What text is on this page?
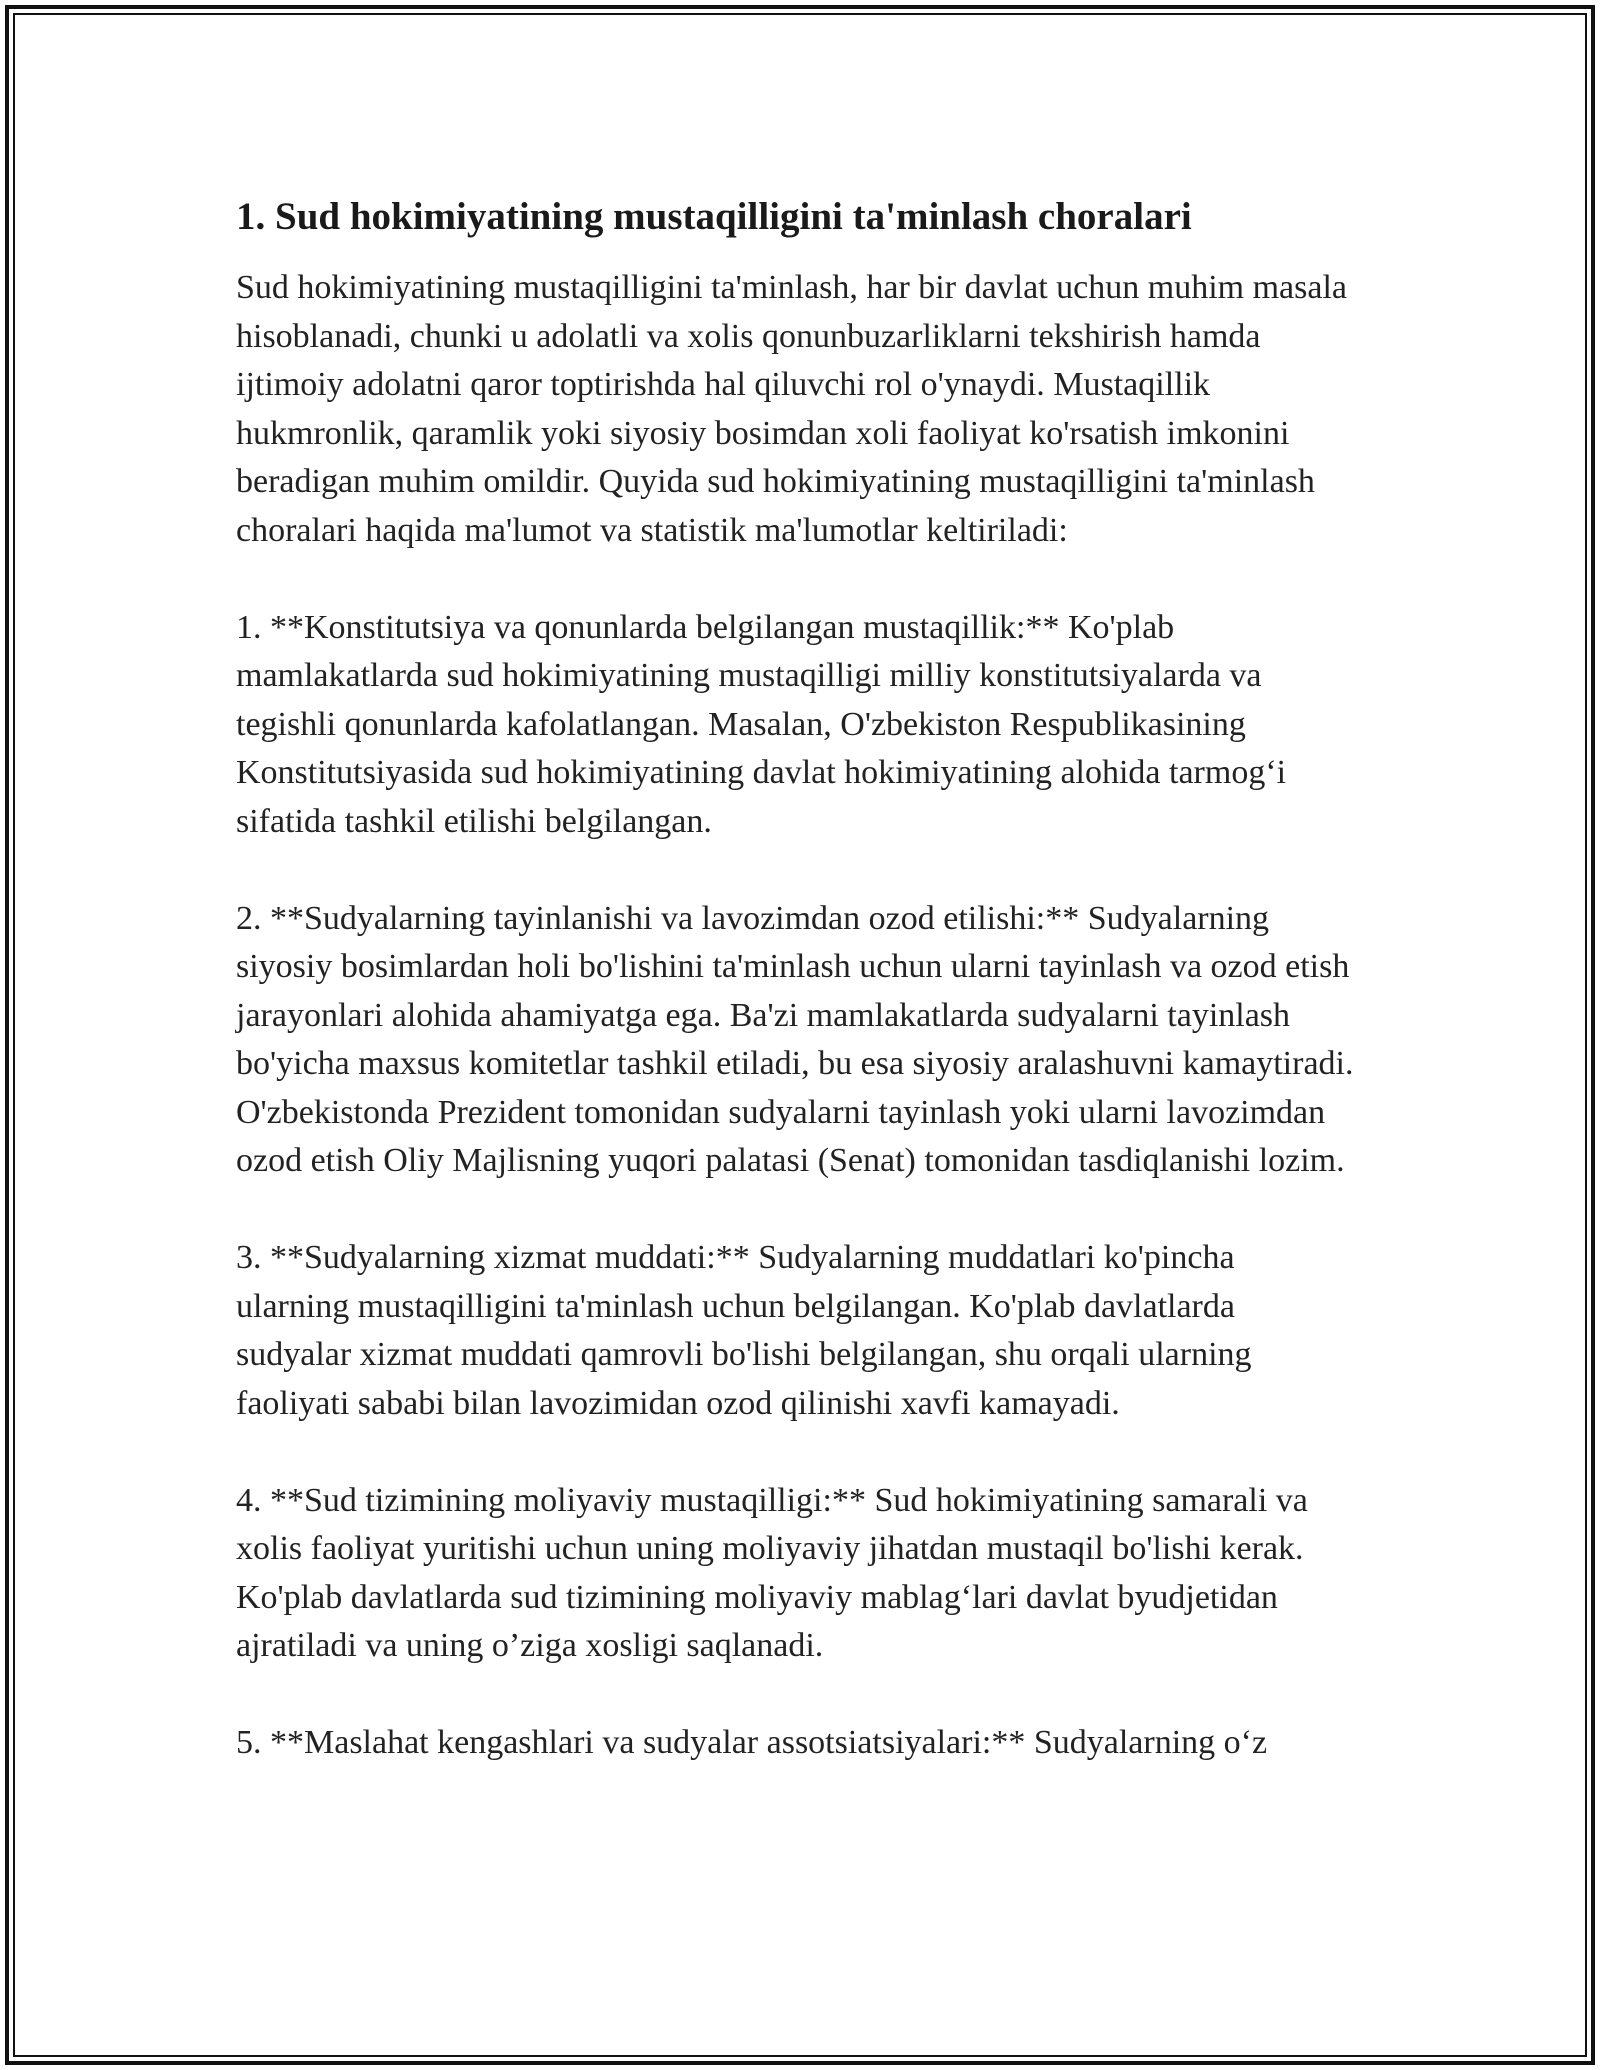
1. Sud hokimiyatining mustaqilligini ta'minlash choralari

Sud hokimiyatining mustaqilligini ta'minlash, har bir davlat uchun muhim masala hisoblanadi, chunki u adolatli va xolis qonunbuzarliklarni tekshirish hamda ijtimoiy adolatni qaror toptirishda hal qiluvchi rol o'ynaydi. Mustaqillik hukmronlik, qaramlik yoki siyosiy bosimdan xoli faoliyat ko'rsatish imkonini beradigan muhim omildir. Quyida sud hokimiyatining mustaqilligini ta'minlash choralari haqida ma'lumot va statistik ma'lumotlar keltiriladi:

1. **Konstitutsiya va qonunlarda belgilangan mustaqillik:** Ko'plab mamlakatlarda sud hokimiyatining mustaqilligi milliy konstitutsiyalarda va tegishli qonunlarda kafolatlangan. Masalan, O'zbekiston Respublikasining Konstitutsiyasida sud hokimiyatining davlat hokimiyatining alohida tarmog‘i sifatida tashkil etilishi belgilangan.

2. **Sudyalarning tayinlanishi va lavozimdan ozod etilishi:** Sudyalarning siyosiy bosimlardan holi bo'lishini ta'minlash uchun ularni tayinlash va ozod etish jarayonlari alohida ahamiyatga ega. Ba'zi mamlakatlarda sudyalarni tayinlash bo'yicha maxsus komitetlar tashkil etiladi, bu esa siyosiy aralashuvni kamaytiradi. O'zbekistonda Prezident tomonidan sudyalarni tayinlash yoki ularni lavozimdan ozod etish Oliy Majlisning yuqori palatasi (Senat) tomonidan tasdiqlanishi lozim.

3. **Sudyalarning xizmat muddati:** Sudyalarning muddatlari ko'pincha ularning mustaqilligini ta'minlash uchun belgilangan. Ko'plab davlatlarda sudyalar xizmat muddati qamrovli bo'lishi belgilangan, shu orqali ularning faoliyati sababi bilan lavozimidan ozod qilinishi xavfi kamayadi.

4. **Sud tizimining moliyaviy mustaqilligi:** Sud hokimiyatining samarali va xolis faoliyat yuritishi uchun uning moliyaviy jihatdan mustaqil bo'lishi kerak. Ko'plab davlatlarda sud tizimining moliyaviy mablag‘lari davlat byudjetidan ajratiladi va uning o’ziga xosligi saqlanadi.

5. **Maslahat kengashlari va sudyalar assotsiatsiyalari:** Sudyalarning o‘z
